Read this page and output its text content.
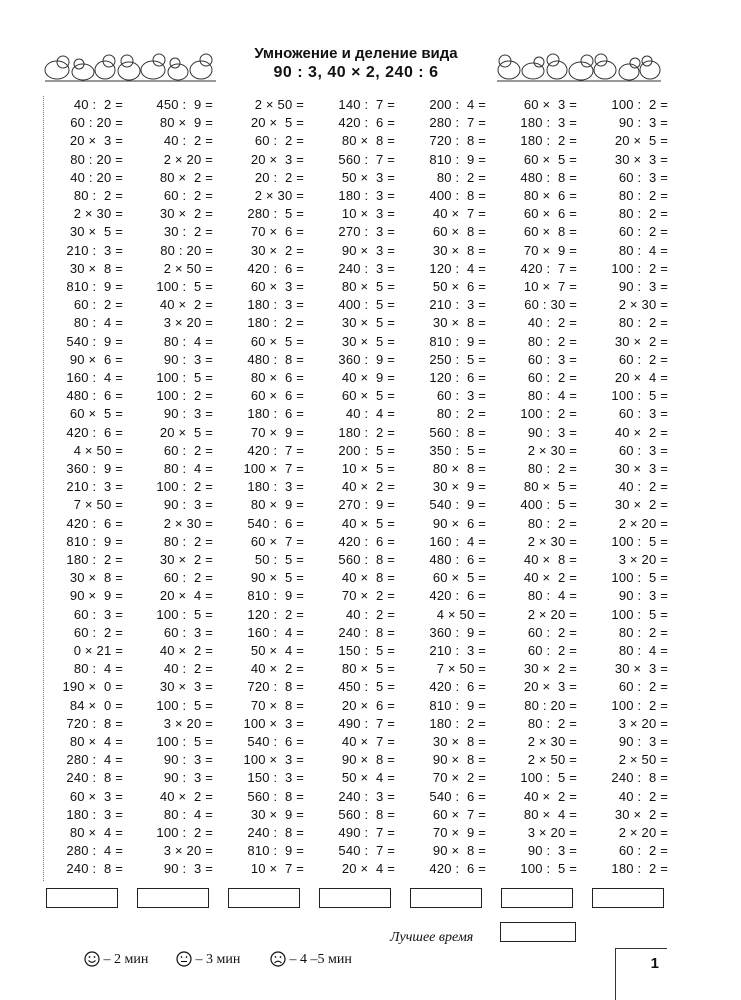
Умножение и деление вида
90 : 3, 40 × 2, 240 : 6
40 :  2 =
60 : 20 =
20 ×  3 =
80 : 20 =
40 : 20 =
80 :  2 =
2 × 30 =
30 ×  5 =
210 :  3 =
30 ×  8 =
810 :  9 =
60 :  2 =
80 :  4 =
540 :  9 =
90 ×  6 =
160 :  4 =
480 :  6 =
60 ×  5 =
420 :  6 =
4 × 50 =
360 :  9 =
210 :  3 =
7 × 50 =
420 :  6 =
810 :  9 =
180 :  2 =
30 ×  8 =
90 ×  9 =
60 :  3 =
60 :  2 =
0 × 21 =
80 :  4 =
190 ×  0 =
84 ×  0 =
720 :  8 =
80 ×  4 =
280 :  4 =
240 :  8 =
60 ×  3 =
180 :  3 =
80 ×  4 =
280 :  4 =
240 :  8 =
450 :  9 =
80 ×  9 =
40 :  2 =
2 × 20 =
80 ×  2 =
60 :  2 =
30 ×  2 =
30 :  2 =
80 : 20 =
2 × 50 =
100 :  5 =
40 ×  2 =
3 × 20 =
80 :  4 =
90 :  3 =
100 :  5 =
100 :  2 =
90 :  3 =
20 ×  5 =
60 :  2 =
80 :  4 =
100 :  2 =
90 :  3 =
2 × 30 =
80 :  2 =
30 ×  2 =
60 :  2 =
20 ×  4 =
100 :  5 =
60 :  3 =
40 ×  2 =
40 :  2 =
30 ×  3 =
100 :  5 =
3 × 20 =
100 :  5 =
90 :  3 =
90 :  3 =
40 ×  2 =
80 :  4 =
100 :  2 =
3 × 20 =
90 :  3 =
2 × 50 =
20 ×  5 =
60 :  2 =
20 ×  3 =
20 :  2 =
2 × 30 =
280 :  5 =
70 ×  6 =
30 ×  2 =
420 :  6 =
60 ×  3 =
180 :  3 =
180 :  2 =
60 ×  5 =
480 :  8 =
80 ×  6 =
60 ×  6 =
180 :  6 =
70 ×  9 =
420 :  7 =
100 ×  7 =
180 :  3 =
80 ×  9 =
540 :  6 =
60 ×  7 =
50 :  5 =
90 ×  5 =
810 :  9 =
120 :  2 =
160 :  4 =
50 ×  4 =
40 ×  2 =
720 :  8 =
70 ×  8 =
100 ×  3 =
540 :  6 =
100 ×  3 =
150 :  3 =
560 :  8 =
30 ×  9 =
240 :  8 =
810 :  9 =
10 ×  7 =
140 :  7 =
420 :  6 =
80 ×  8 =
560 :  7 =
50 ×  3 =
180 :  3 =
10 ×  3 =
270 :  3 =
90 ×  3 =
240 :  3 =
80 ×  5 =
400 :  5 =
30 ×  5 =
30 ×  5 =
360 :  9 =
40 ×  9 =
60 ×  5 =
40 :  4 =
180 :  2 =
200 :  5 =
10 ×  5 =
40 ×  2 =
270 :  9 =
40 ×  5 =
420 :  6 =
560 :  8 =
40 ×  8 =
70 ×  2 =
40 :  2 =
240 :  8 =
150 :  5 =
80 ×  5 =
450 :  5 =
20 ×  6 =
490 :  7 =
40 ×  7 =
90 ×  8 =
50 ×  4 =
240 :  3 =
560 :  8 =
490 :  7 =
540 :  7 =
20 ×  4 =
200 :  4 =
280 :  7 =
720 :  8 =
810 :  9 =
80 :  2 =
400 :  8 =
40 ×  7 =
60 ×  8 =
30 ×  8 =
120 :  4 =
50 ×  6 =
210 :  3 =
30 ×  8 =
810 :  9 =
250 :  5 =
120 :  6 =
60 :  3 =
80 :  2 =
560 :  8 =
350 :  5 =
80 ×  8 =
30 ×  9 =
540 :  9 =
90 ×  6 =
160 :  4 =
480 :  6 =
60 ×  5 =
420 :  6 =
4 × 50 =
360 :  9 =
210 :  3 =
7 × 50 =
420 :  6 =
810 :  9 =
180 :  2 =
30 ×  8 =
90 ×  8 =
70 ×  2 =
540 :  6 =
60 ×  7 =
70 ×  9 =
90 ×  8 =
420 :  6 =
60 ×  3 =
180 :  3 =
180 :  2 =
60 ×  5 =
480 :  8 =
80 ×  6 =
60 ×  6 =
60 ×  8 =
70 ×  9 =
420 :  7 =
10 ×  7 =
60 : 30 =
40 :  2 =
80 :  2 =
60 :  3 =
60 :  2 =
80 :  4 =
100 :  2 =
90 :  3 =
2 × 30 =
80 :  2 =
80 ×  5 =
400 :  5 =
80 :  2 =
2 × 30 =
40 ×  8 =
40 ×  2 =
80 :  4 =
2 × 20 =
60 :  2 =
60 :  2 =
30 ×  2 =
20 ×  3 =
80 : 20 =
80 :  2 =
2 × 30 =
2 × 50 =
100 :  5 =
40 ×  2 =
80 ×  4 =
3 × 20 =
90 :  3 =
100 :  5 =
100 :  2 =
90 :  3 =
20 ×  5 =
30 ×  3 =
60 :  3 =
80 :  2 =
80 :  2 =
60 :  2 =
80 :  4 =
100 :  2 =
90 :  3 =
2 × 30 =
80 :  2 =
30 ×  2 =
60 :  2 =
20 ×  4 =
100 :  5 =
60 :  3 =
40 ×  2 =
60 :  3 =
30 ×  3 =
40 :  2 =
30 ×  2 =
2 × 20 =
100 :  5 =
3 × 20 =
100 :  5 =
90 :  3 =
100 :  5 =
80 :  2 =
80 :  4 =
30 ×  3 =
60 :  2 =
100 :  2 =
3 × 20 =
90 :  3 =
2 × 50 =
240 :  8 =
40 :  2 =
30 ×  2 =
2 × 20 =
60 :  2 =
180 :  2 =

– 2 мин
	– 3 мин
	– 4 –5 мин

Лучшее время
1
